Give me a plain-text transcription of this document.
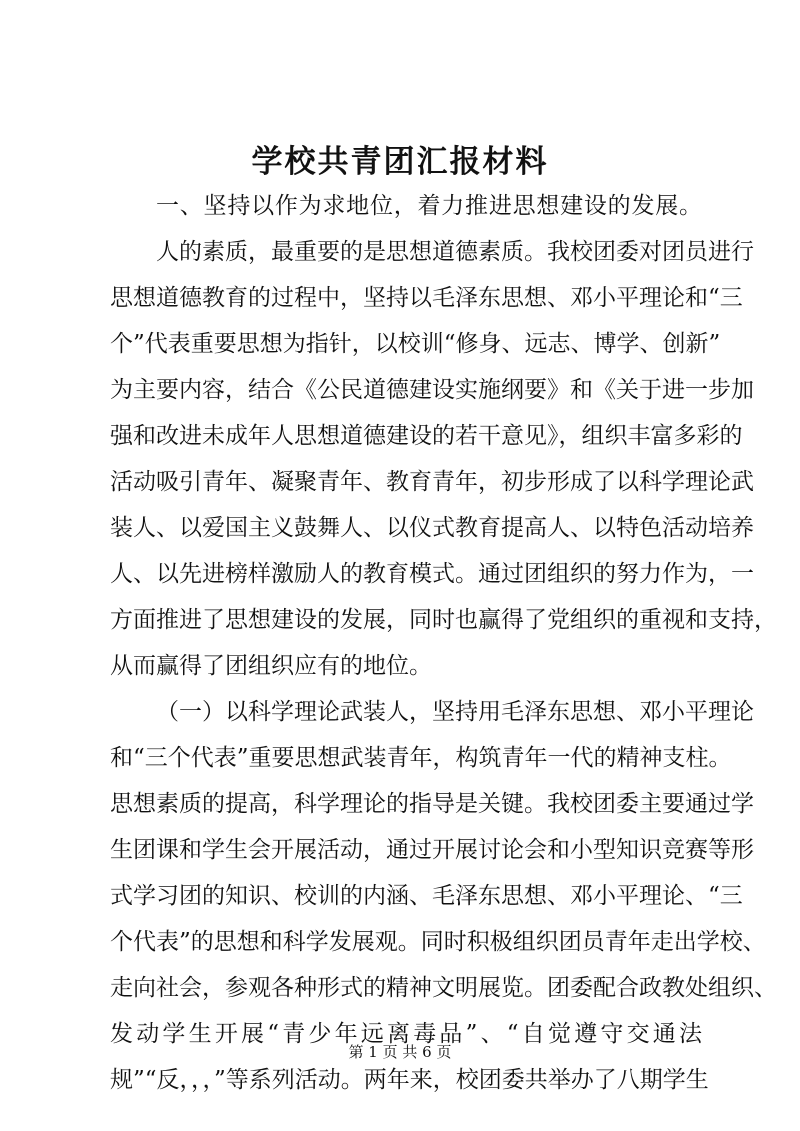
学校共青团汇报材料
一、坚持以作为求地位，着力推进思想建设的发展。
人的素质，最重要的是思想道德素质。我校团委对团员进行
思想道德教育的过程中，坚持以毛泽东思想、邓小平理论和“三
个”代表重要思想为指针，以校训“修身、远志、博学、创新”
为主要内容，结合《公民道德建设实施纲要》和《关于进一步加
强和改进未成年人思想道德建设的若干意见》，组织丰富多彩的
活动吸引青年、凝聚青年、教育青年，初步形成了以科学理论武
装人、以爱国主义鼓舞人、以仪式教育提高人、以特色活动培养
人、以先进榜样激励人的教育模式。通过团组织的努力作为，一
方面推进了思想建设的发展，同时也赢得了党组织的重视和支持，
从而赢得了团组织应有的地位。
（一）以科学理论武装人，坚持用毛泽东思想、邓小平理论
和“三个代表”重要思想武装青年，构筑青年一代的精神支柱。
思想素质的提高，科学理论的指导是关键。我校团委主要通过学
生团课和学生会开展活动，通过开展讨论会和小型知识竞赛等形
式学习团的知识、校训的内涵、毛泽东思想、邓小平理论、“三
个代表”的思想和科学发展观。同时积极组织团员青年走出学校、
走向社会，参观各种形式的精神文明展览。团委配合政教处组织、
发动学生开展“青少年远离毒品”、“自觉遵守交通法
规”“反，，，”等系列活动。两年来，校团委共举办了八期学生
第 1 页 共 6 页
